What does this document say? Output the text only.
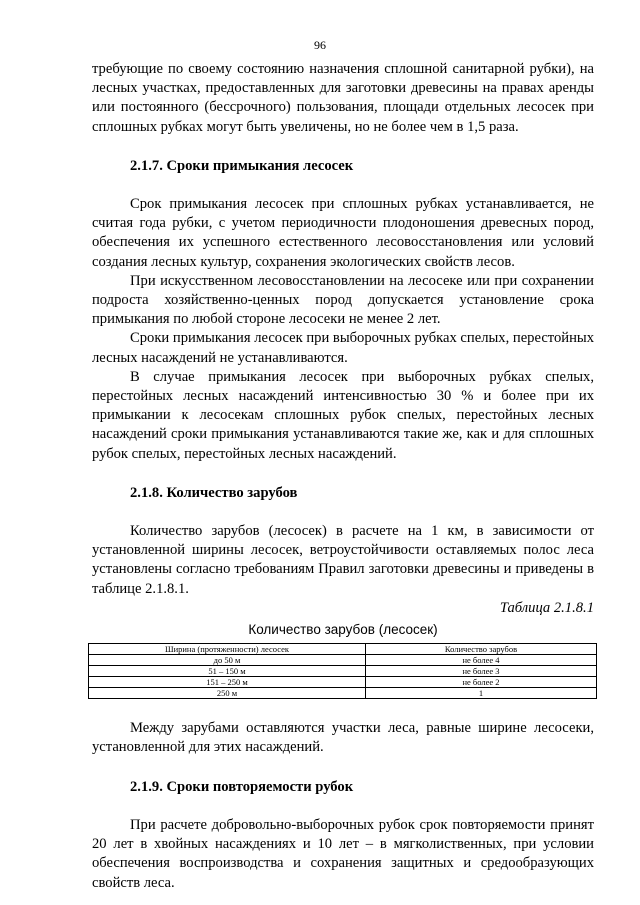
96

требующие по своему состоянию назначения сплошной санитарной рубки), на лесных участках, предоставленных для заготовки древесины на правах аренды или постоянного (бессрочного) пользования, площади отдельных лесосек при сплошных рубках могут быть увеличены, но не более чем в 1,5 раза.

2.1.7. Сроки примыкания лесосек

Срок примыкания лесосек при сплошных рубках устанавливается, не считая года рубки, с учетом периодичности плодоношения древесных пород, обеспечения их успешного естественного лесовосстановления или условий создания лесных культур, сохранения экологических свойств лесов.

При искусственном лесовосстановлении на лесосеке или при сохранении подроста хозяйственно-ценных пород допускается установление срока примыкания по любой стороне лесосеки не менее 2 лет.

Сроки примыкания лесосек при выборочных рубках спелых, перестойных лесных насаждений не устанавливаются.

В случае примыкания лесосек при выборочных рубках спелых, перестойных лесных насаждений интенсивностью 30 % и более при их примыкании к лесосекам сплошных рубок спелых, перестойных лесных насаждений сроки примыкания устанавливаются такие же, как и для сплошных рубок спелых, перестойных лесных насаждений.

2.1.8. Количество зарубов

Количество зарубов (лесосек) в расчете на 1 км, в зависимости от установленной ширины лесосек, ветроустойчивости оставляемых полос леса установлены согласно требованиям Правил заготовки древесины и приведены в таблице 2.1.8.1.

Таблица 2.1.8.1

Количество зарубов (лесосек)
Ширина (протяженности) лесосек	Количество зарубов
до 50 м	не более 4
51 – 150 м	не более 3
151 – 250 м	не более 2
250 м	1

Между зарубами оставляются участки леса, равные ширине лесосеки, установленной для этих насаждений.

2.1.9. Сроки повторяемости рубок

При расчете добровольно-выборочных рубок срок повторяемости принят 20 лет в хвойных насаждениях и 10 лет – в мягколиственных, при условии обеспечения воспроизводства и сохранения защитных и средообразующих свойств леса.
